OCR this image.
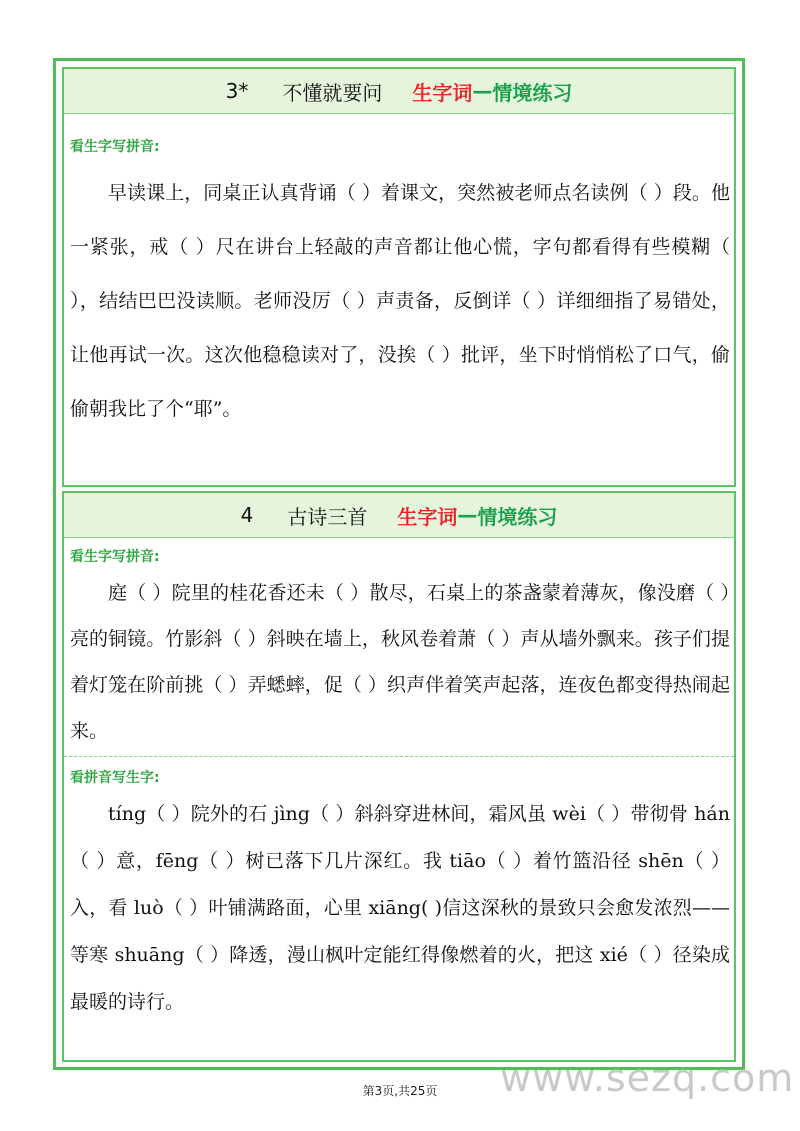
3* 不懂就要问 生字词 — 情境练习
看生字写拼音:

早读课上，同桌正认真背诵（ ）着课文，突然被老师点名读例（ ）段。他一紧张，戒（ ）尺在讲台上轻敲的声音都让他心慌，字句都看得有些模糊（ ），结结巴巴没读顺。老师没厉（ ）声责备，反倒详（ ）详细细指了易错处，让他再试一次。这次他稳稳读对了，没挨（ ）批评，坐下时悄悄松了口气，偷偷朝我比了个“耶”。

4 古诗三首 生字词 — 情境练习
看生字写拼音:

庭（ ）院里的桂花香还未（ ）散尽，石桌上的茶盏蒙着薄灰，像没磨（ ）亮的铜镜。竹影斜（ ）斜映在墙上，秋风卷着萧（ ）声从墙外飘来。孩子们提着灯笼在阶前挑（ ）弄蟋蟀，促（ ）织声伴着笑声起落，连夜色都变得热闹起来。

看拼音写生字:

tíng（ ）院外的石 jìng（ ）斜斜穿进林间，霜风虽 wèi（ ）带彻骨 hán（ ）意，fēng（ ）树已落下几片深红。我 tiāo（ ）着竹篮沿径 shēn（ ）入，看 luò（ ）叶铺满路面，心里 xiāng( )信这深秋的景致只会愈发浓烈——等寒 shuāng（ ）降透，漫山枫叶定能红得像燃着的火，把这 xié（ ）径染成最暖的诗行。

第3页,共25页	www.sezq.com
